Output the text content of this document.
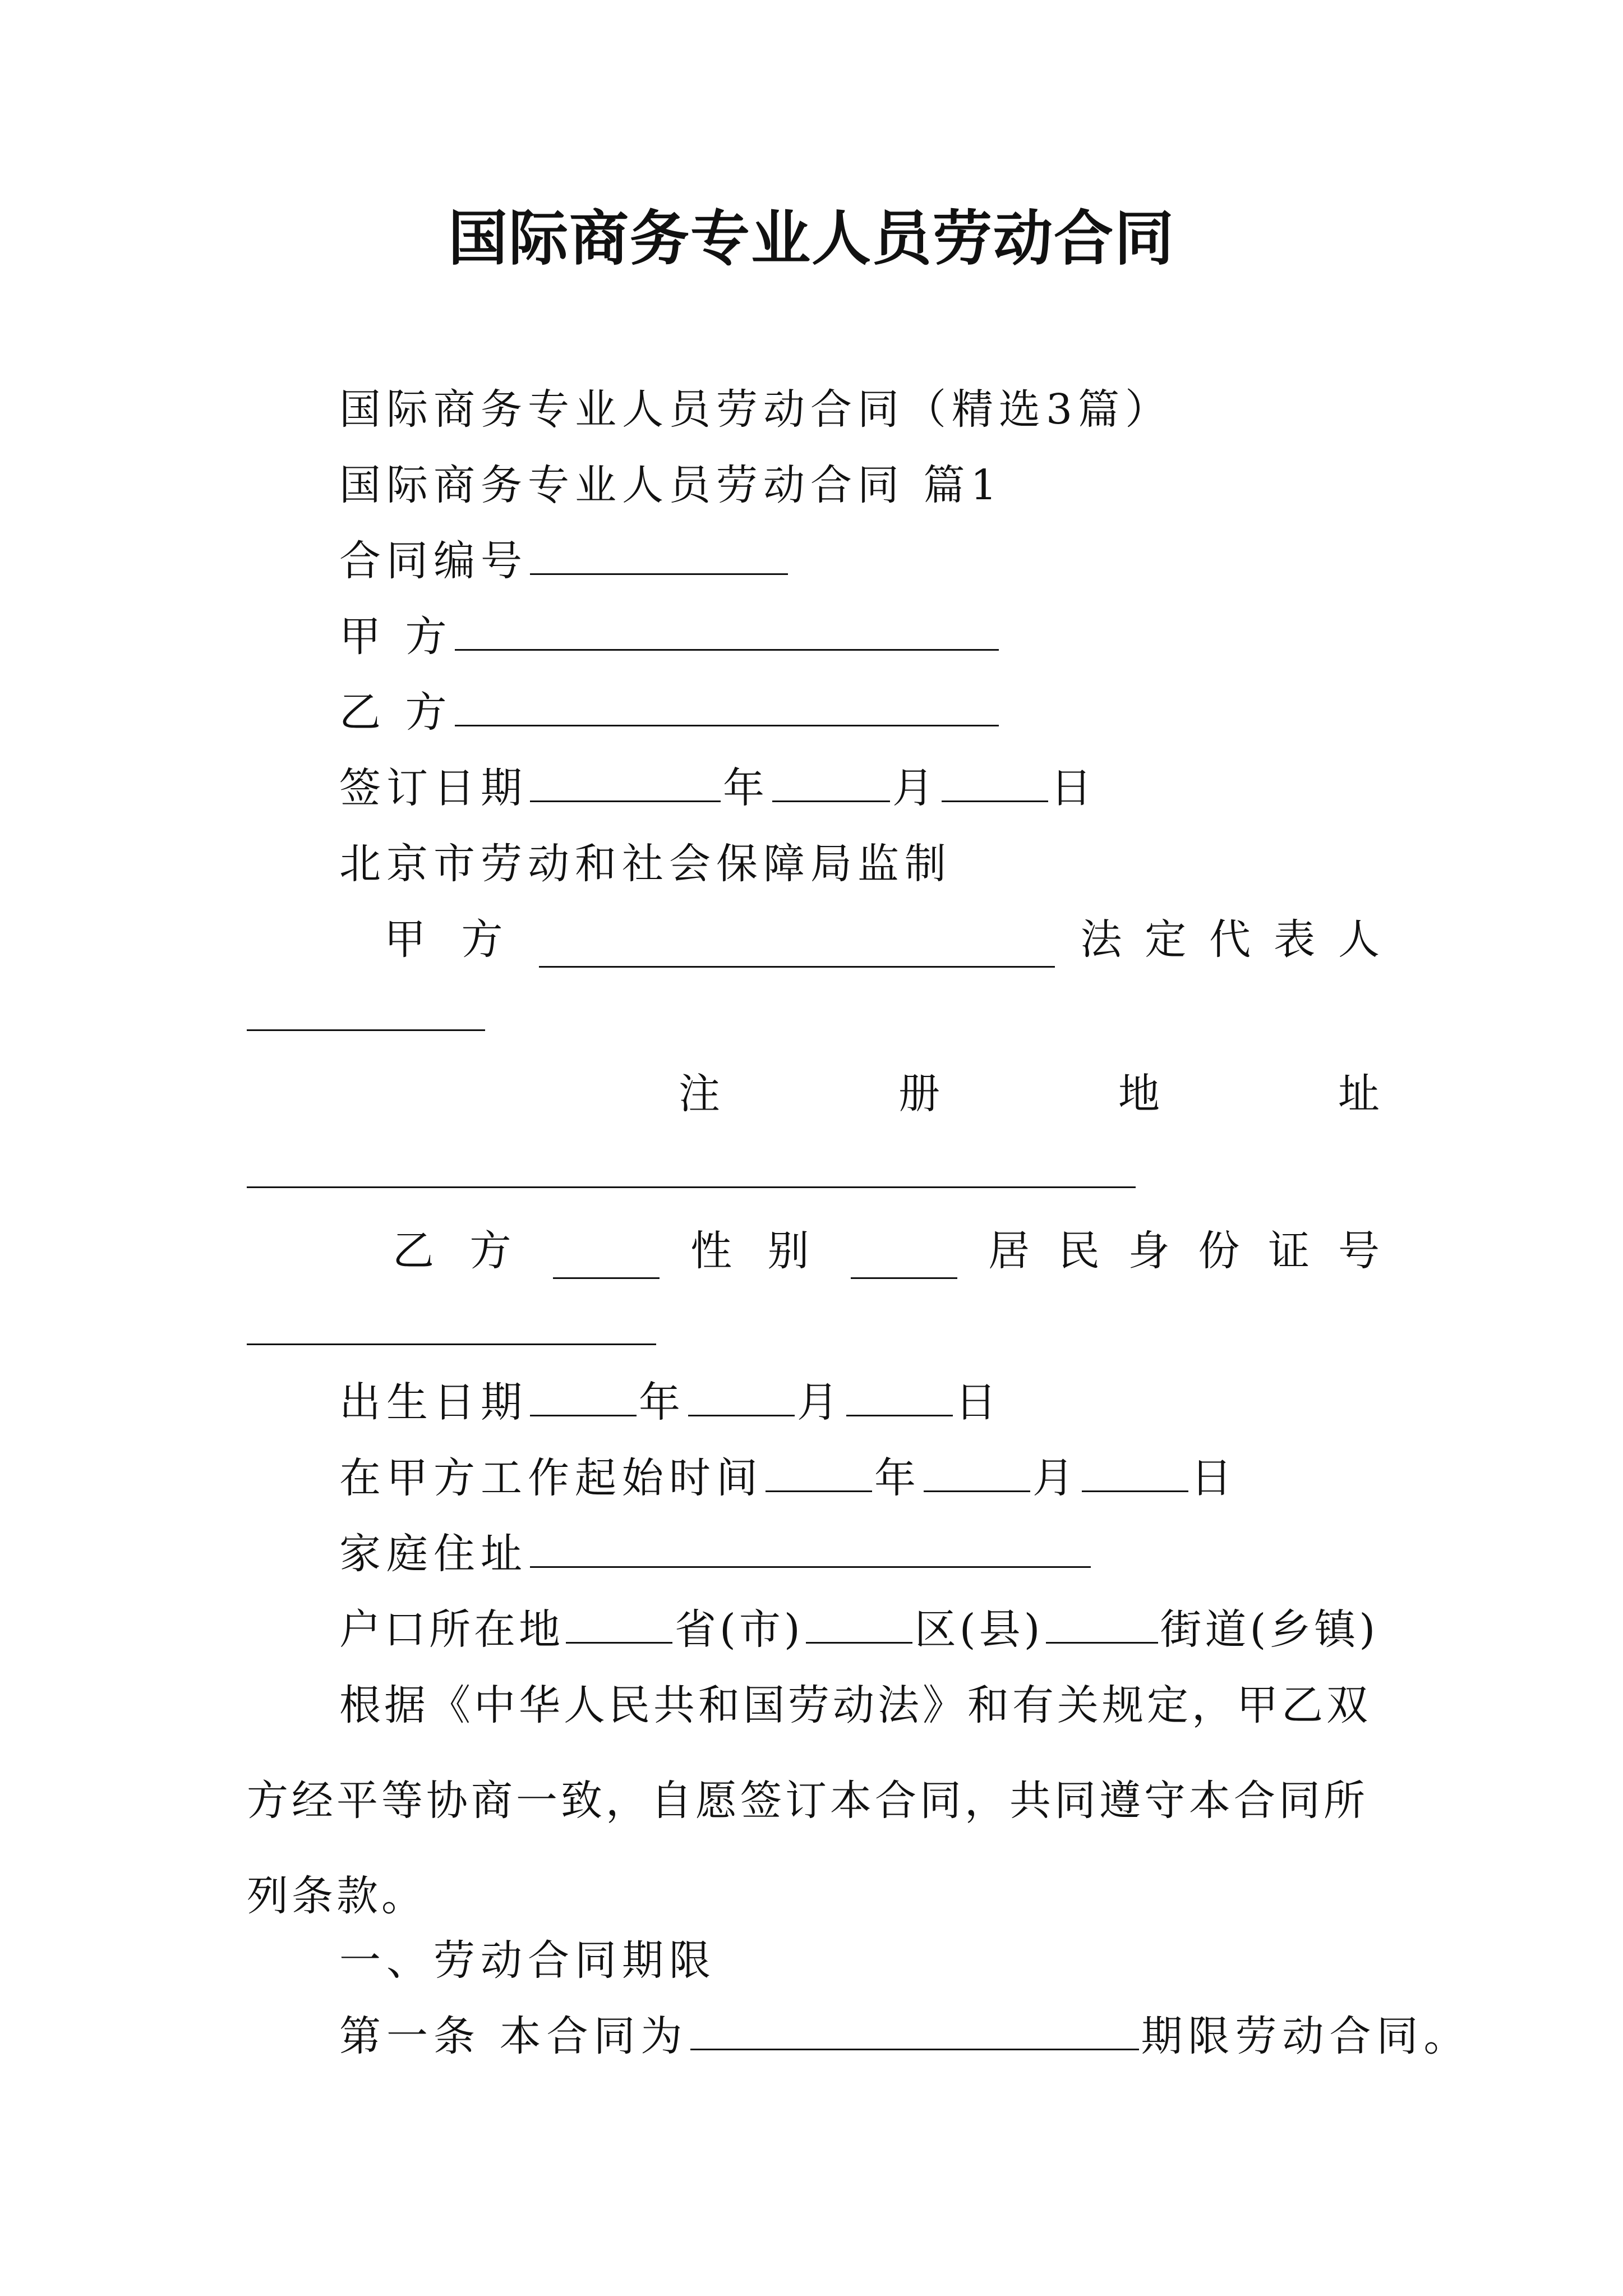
国际商务专业人员劳动合同
国际商务专业人员劳动合同（精选3篇）
国际商务专业人员劳动合同 篇1
合同编号
甲 方
乙 方
签订日期	年	月	日
北京市劳动和社会保障局监制
甲 方	法 定 代 表 人
注	册	地	址
乙 方	性 别	居 民 身 份 证 号
出生日期	年	月	日
在甲方工作起始时间	年	月	日
家庭住址
户口所在地	省(市)	区(县)	街道(乡镇)
根据《中华人民共和国劳动法》和有关规定，甲乙双方经平等协商一致，自愿签订本合同，共同遵守本合同所列条款。
一、劳动合同期限
第一条 本合同为	期限劳动合同。
